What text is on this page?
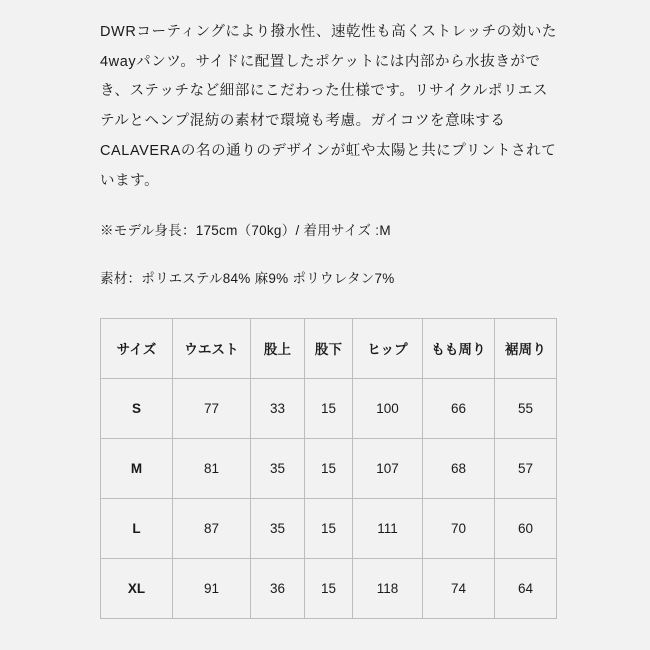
DWRコーティングにより撥水性、速乾性も高くストレッチの効いた4wayパンツ。サイドに配置したポケットには内部から水抜きができ、ステッチなど細部にこだわった仕様です。リサイクルポリエステルとヘンプ混紡の素材で環境も考慮。ガイコツを意味するCALAVERAの名の通りのデザインが虹や太陽と共にプリントされています。

※モデル身長：175cm（70kg）/ 着用サイズ :M

素材：ポリエステル84% 麻9% ポリウレタン7%

サイズ	ウエスト	股上	股下	ヒップ	もも周り	裾周り
S	77	33	15	100	66	55
M	81	35	15	107	68	57
L	87	35	15	111	70	60
XL	91	36	15	118	74	64
